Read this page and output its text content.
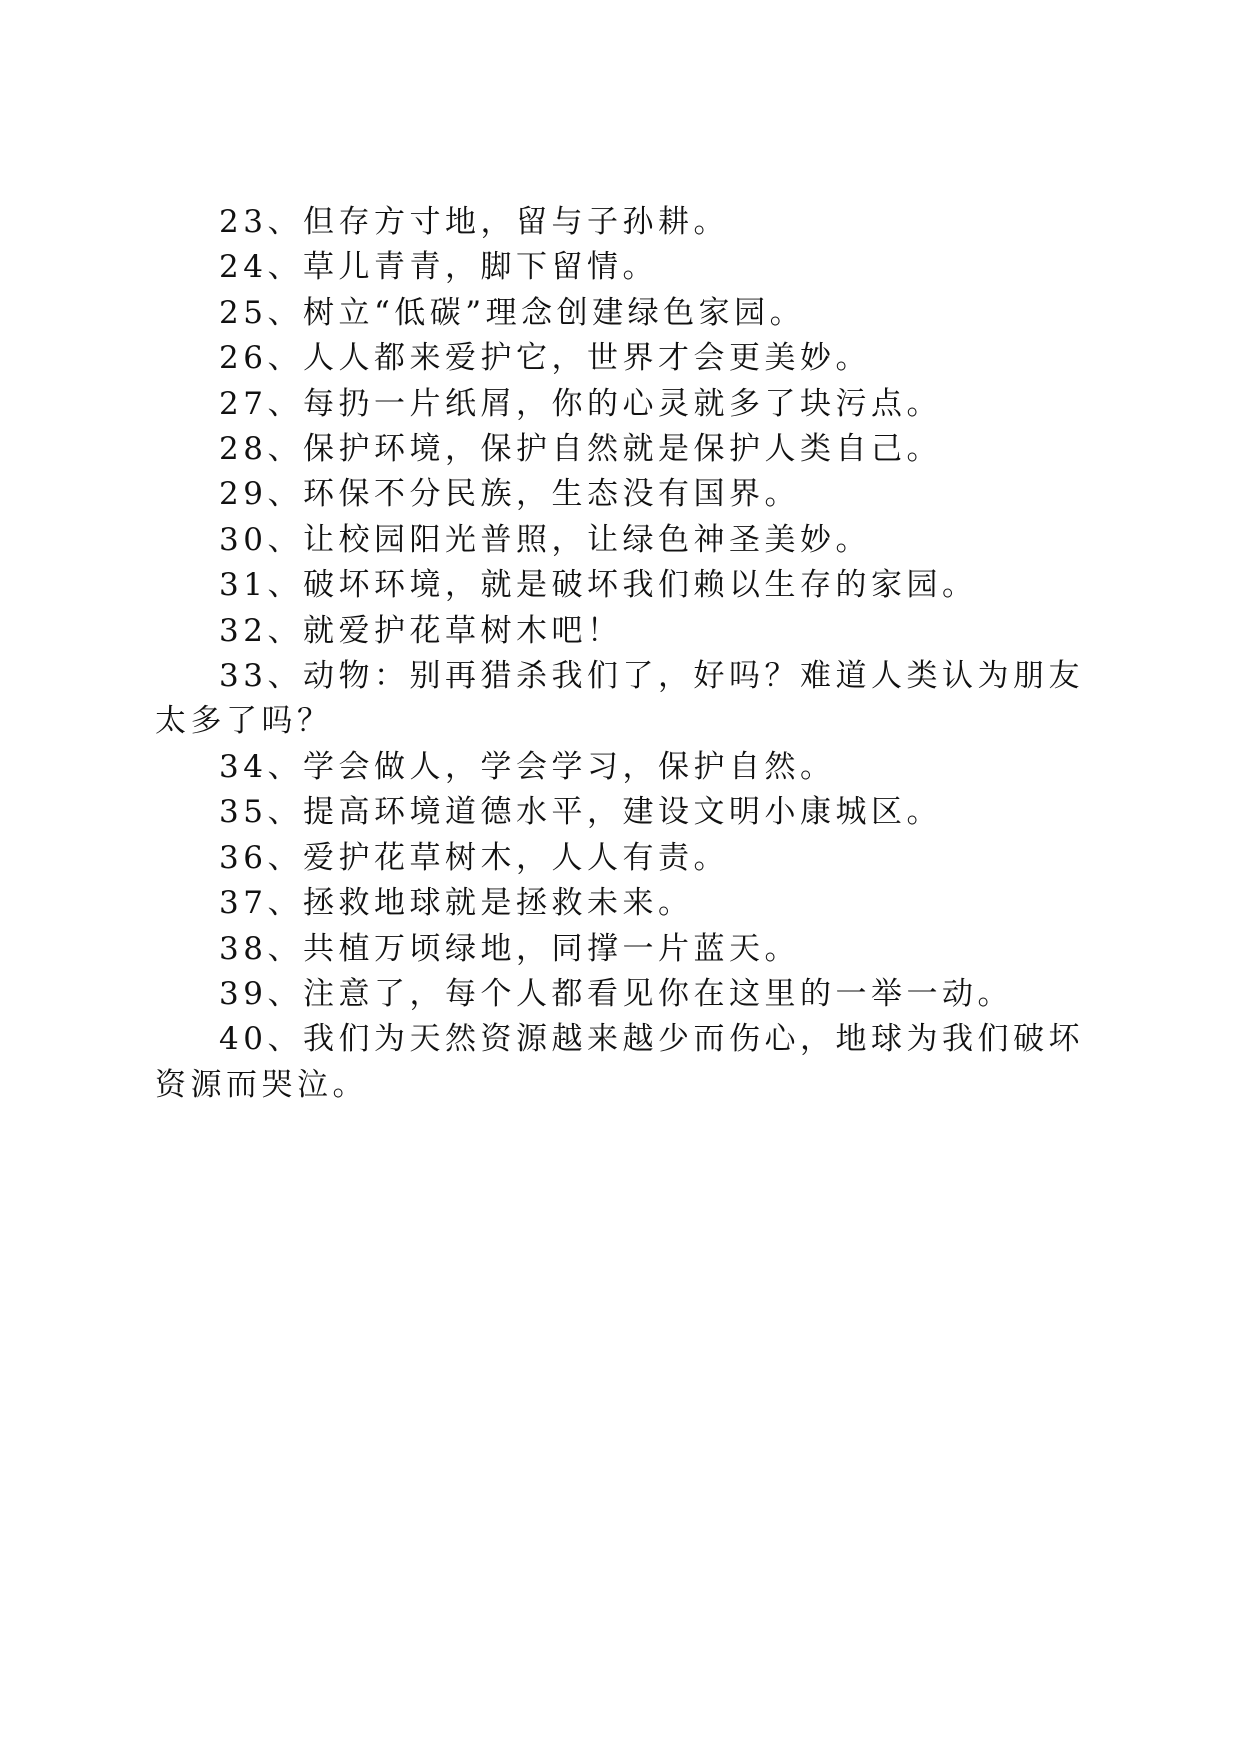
23、但存方寸地，留与子孙耕。

24、草儿青青，脚下留情。

25、树立“低碳”理念创建绿色家园。

26、人人都来爱护它，世界才会更美妙。

27、每扔一片纸屑，你的心灵就多了块污点。

28、保护环境，保护自然就是保护人类自己。

29、环保不分民族，生态没有国界。

30、让校园阳光普照，让绿色神圣美妙。

31、破坏环境，就是破坏我们赖以生存的家园。

32、就爱护花草树木吧！

33、动物：别再猎杀我们了，好吗？难道人类认为朋友太多了吗？

34、学会做人，学会学习，保护自然。

35、提高环境道德水平，建设文明小康城区。

36、爱护花草树木，人人有责。

37、拯救地球就是拯救未来。

38、共植万顷绿地，同撑一片蓝天。

39、注意了，每个人都看见你在这里的一举一动。

40、我们为天然资源越来越少而伤心，地球为我们破坏资源而哭泣。
